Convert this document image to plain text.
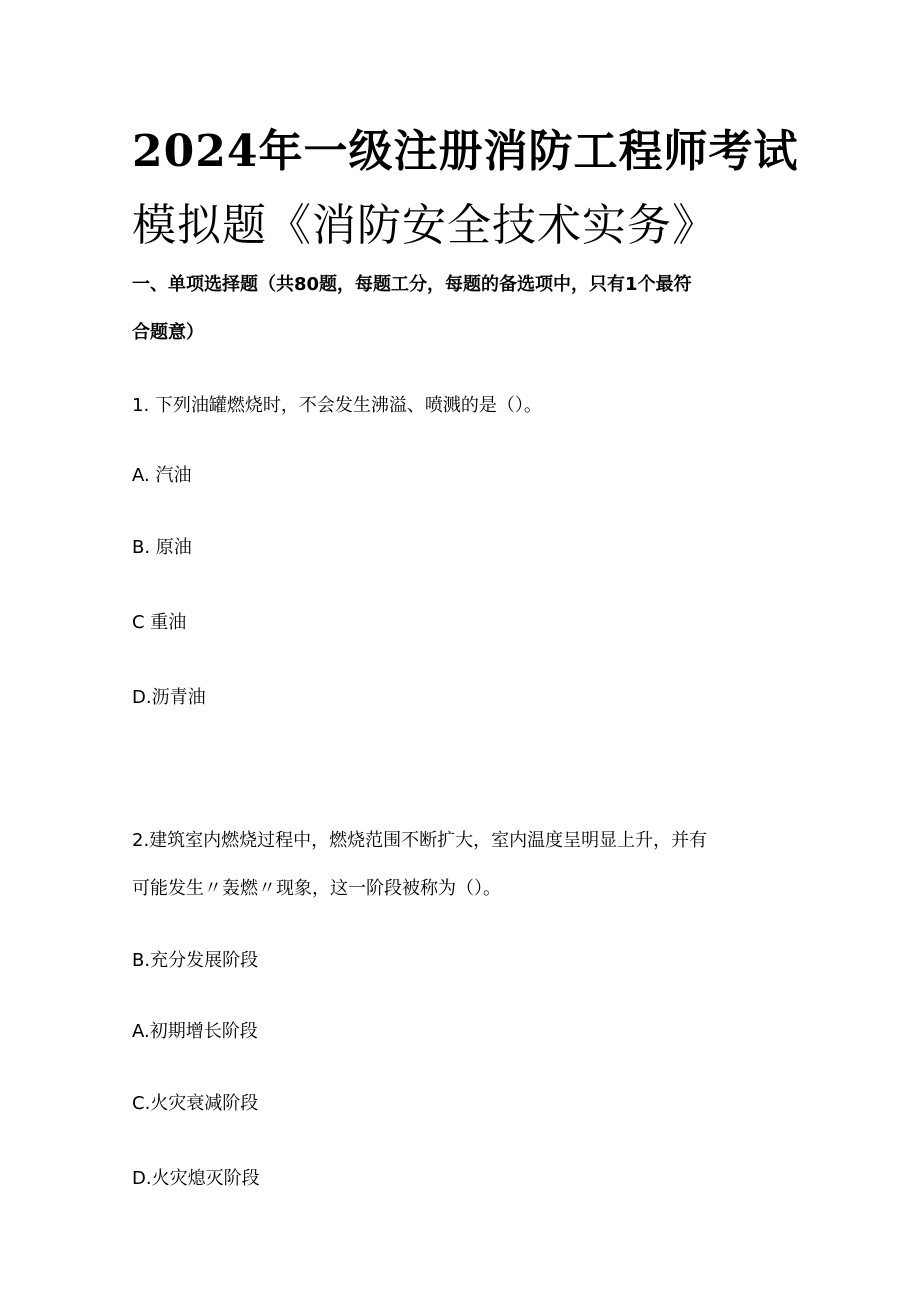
2024年一级注册消防工程师考试
模拟题《消防安全技术实务》
一、单项选择题（共80题，每题工分，每题的备选项中，只有1个最符
合题意）
1. 下列油罐燃烧时，不会发生沸溢、喷溅的是（）。
A. 汽油
B. 原油
C 重油
D.沥青油
2.建筑室内燃烧过程中，燃烧范围不断扩大，室内温度呈明显上升，并有
可能发生〃轰燃〃现象，这一阶段被称为（）。
B.充分发展阶段
A.初期增长阶段
C.火灾衰减阶段
D.火灾熄灭阶段
